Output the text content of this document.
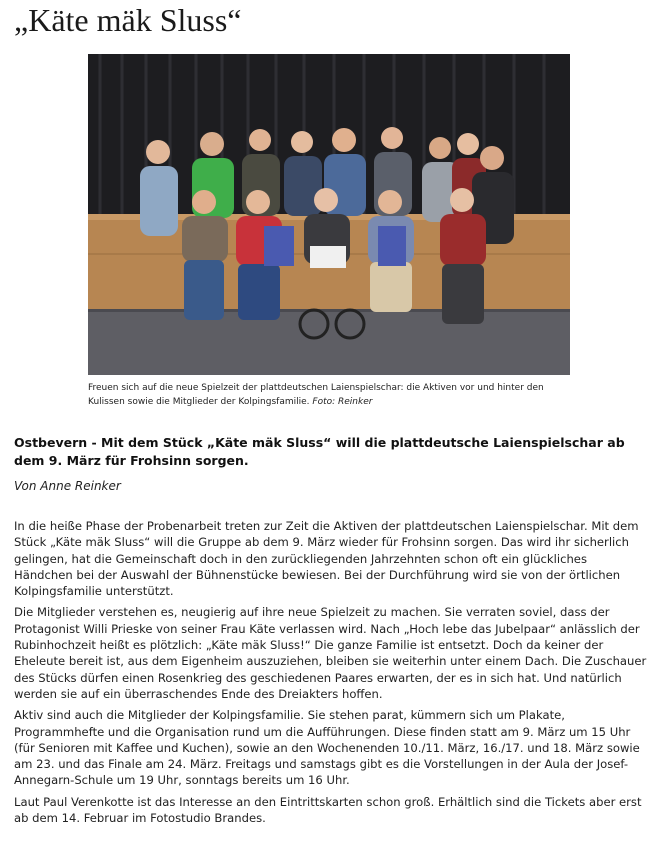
„Käte mäk Sluss“
Freuen sich auf die neue Spielzeit der plattdeutschen Laienspielschar: die Aktiven vor und hinter den Kulissen sowie die Mitglieder der Kolpingsfamilie. Foto: Reinker

Ostbevern - Mit dem Stück „Käte mäk Sluss“ will die plattdeutsche Laienspielschar ab dem 9. März für Frohsinn sorgen.

Von Anne Reinker

In die heiße Phase der Probenarbeit treten zur Zeit die Aktiven der plattdeutschen Laienspielschar. Mit dem Stück „Käte mäk Sluss“ will die Gruppe ab dem 9. März wieder für Frohsinn sorgen. Das wird ihr sicherlich gelingen, hat die Gemeinschaft doch in den zurückliegenden Jahrzehnten schon oft ein glückliches Händchen bei der Auswahl der Bühnenstücke bewiesen. Bei der Durchführung wird sie von der örtlichen Kolpingsfamilie unterstützt.

Die Mitglieder verstehen es, neugierig auf ihre neue Spielzeit zu machen. Sie verraten soviel, dass der Protagonist Willi Prieske von seiner Frau Käte verlassen wird. Nach „Hoch lebe das Jubelpaar“ anlässlich der Rubinhochzeit heißt es plötzlich: „Käte mäk Sluss!“ Die ganze Familie ist entsetzt. Doch da keiner der Eheleute bereit ist, aus dem Eigenheim auszuziehen, bleiben sie weiterhin unter einem Dach. Die Zuschauer des Stücks dürfen einen Rosenkrieg des geschiedenen Paares erwarten, der es in sich hat. Und natürlich werden sie auf ein überraschendes Ende des Dreiakters hoffen.

Aktiv sind auch die Mitglieder der Kolpingsfamilie. Sie stehen parat, kümmern sich um Plakate, Programmhefte und die Organisation rund um die Aufführungen. Diese finden statt am 9. März um 15 Uhr (für Senioren mit Kaffee und Kuchen), sowie an den Wochenenden 10./11. März, 16./17. und 18. März sowie am 23. und das Finale am 24. März. Freitags und samstags gibt es die Vorstellungen in der Aula der Josef-Annegarn-Schule um 19 Uhr, sonntags bereits um 16 Uhr.

Laut Paul Verenkotte ist das Interesse an den Eintrittskarten schon groß. Erhältlich sind die Tickets aber erst ab dem 14. Februar im Fotostudio Brandes.
